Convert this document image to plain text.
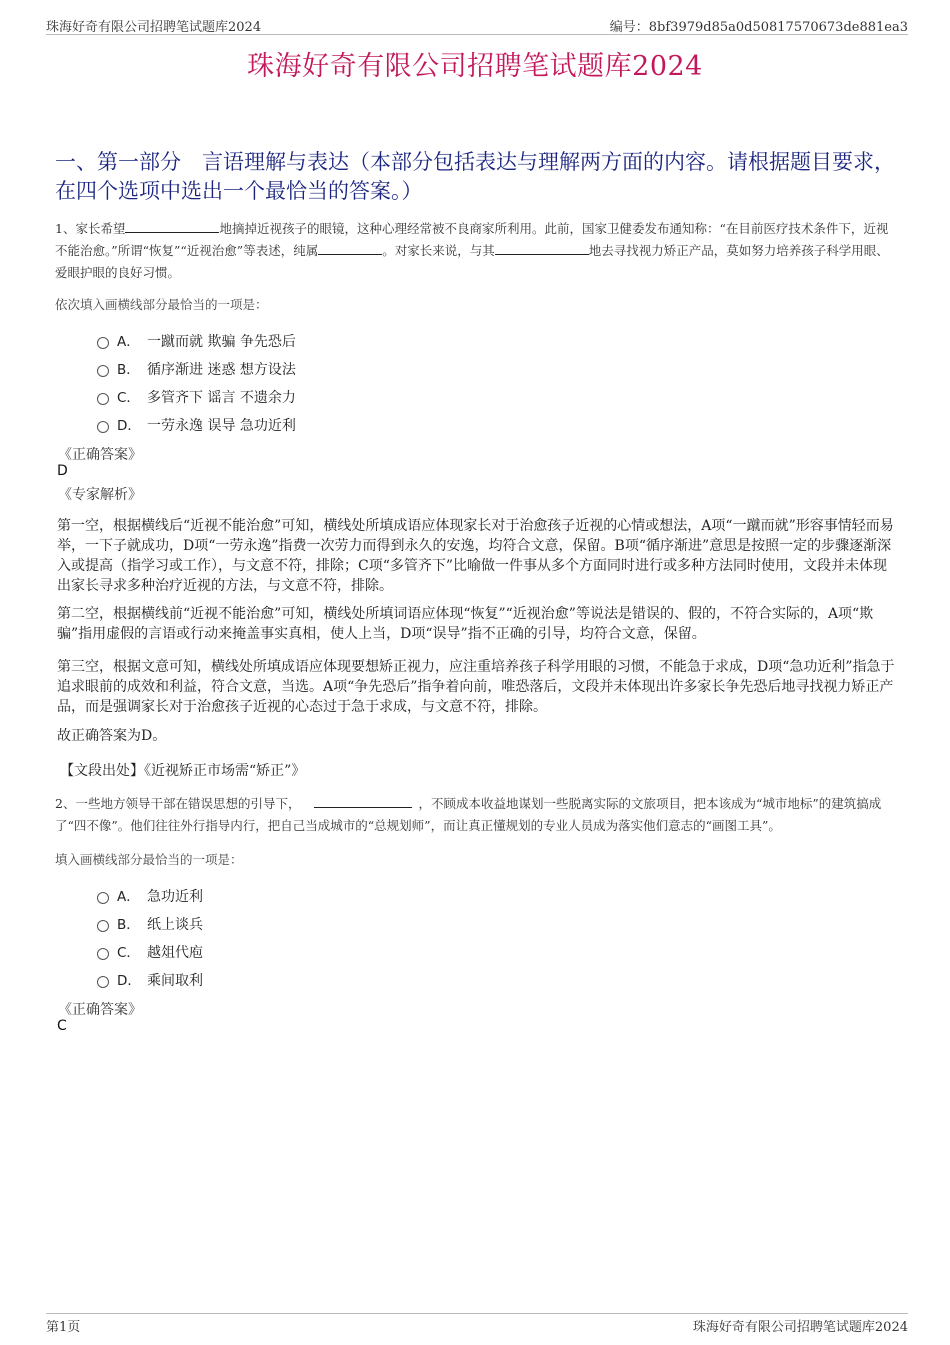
珠海好奇有限公司招聘笔试题库2024	编号：8bf3979d85a0d50817570673de881ea3
珠海好奇有限公司招聘笔试题库2024
一、第一部分　言语理解与表达（本部分包括表达与理解两方面的内容。请根据题目要求，在四个选项中选出一个最恰当的答案。）
1、家长希望	地摘掉近视孩子的眼镜，这种心理经常被不良商家所利用。此前，国家卫健委发布通知称：“在目前医疗技术条件下，近视不能治愈。”所谓“恢复”“近视治愈”等表述，纯属	。对家长来说，与其	地去寻找视力矫正产品，莫如努力培养孩子科学用眼、爱眼护眼的良好习惯。
依次填入画横线部分最恰当的一项是：
A． 一蹴而就 欺骗 争先恐后
B． 循序渐进 迷惑 想方设法
C． 多管齐下 谣言 不遗余力
D． 一劳永逸 误导 急功近利
《正确答案》
D
《专家解析》
第一空，根据横线后“近视不能治愈”可知，横线处所填成语应体现家长对于治愈孩子近视的心情或想法，A项“一蹴而就”形容事情轻而易举，一下子就成功，D项“一劳永逸”指费一次劳力而得到永久的安逸，均符合文意，保留。B项“循序渐进”意思是按照一定的步骤逐渐深入或提高（指学习或工作），与文意不符，排除；C项“多管齐下”比喻做一件事从多个方面同时进行或多种方法同时使用，文段并未体现出家长寻求多种治疗近视的方法，与文意不符，排除。
第二空，根据横线前“近视不能治愈”可知，横线处所填词语应体现“恢复”“近视治愈”等说法是错误的、假的，不符合实际的，A项“欺骗”指用虚假的言语或行动来掩盖事实真相，使人上当，D项“误导”指不正确的引导，均符合文意，保留。
第三空，根据文意可知，横线处所填成语应体现要想矫正视力，应注重培养孩子科学用眼的习惯，不能急于求成，D项“急功近利”指急于追求眼前的成效和利益，符合文意，当选。A项“争先恐后”指争着向前，唯恐落后，文段并未体现出许多家长争先恐后地寻找视力矫正产品，而是强调家长对于治愈孩子近视的心态过于急于求成，与文意不符，排除。
故正确答案为D。
【文段出处】《近视矫正市场需“矫正”》
2、一些地方领导干部在错误思想的引导下，	，不顾成本收益地谋划一些脱离实际的文旅项目，把本该成为“城市地标”的建筑搞成了“四不像”。他们往往外行指导内行，把自己当成城市的“总规划师”，而让真正懂规划的专业人员成为落实他们意志的“画图工具”。
填入画横线部分最恰当的一项是：
A． 急功近利
B． 纸上谈兵
C． 越俎代庖
D． 乘间取利
《正确答案》
C
第1页	珠海好奇有限公司招聘笔试题库2024
